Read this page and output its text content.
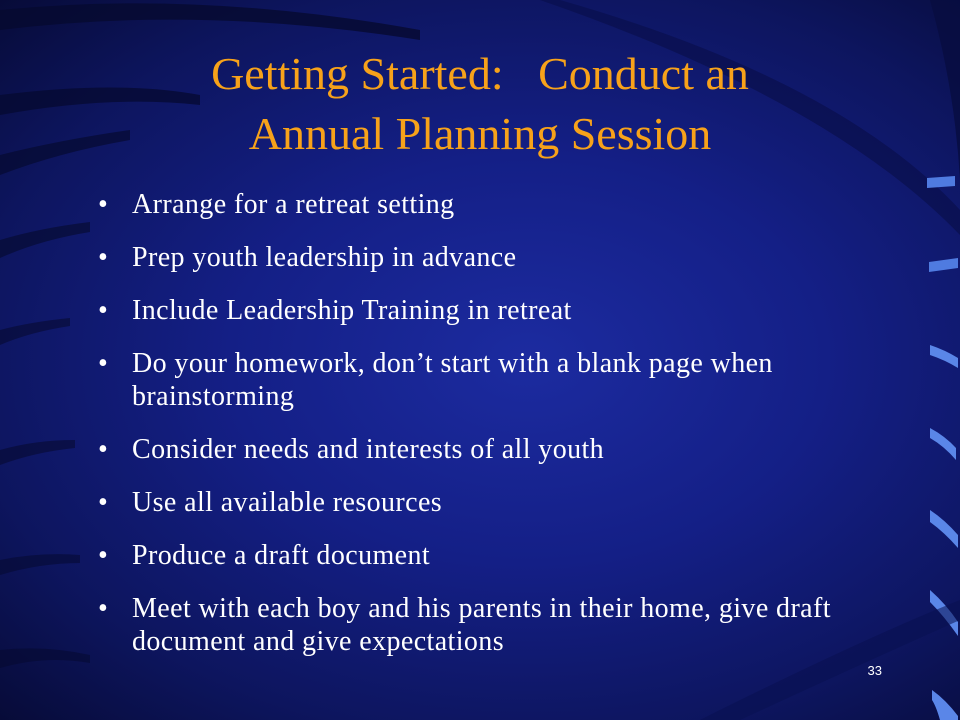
Getting Started:   Conduct an
Annual Planning Session
• Arrange for a retreat setting
• Prep youth leadership in advance
• Include Leadership Training in retreat
• Do your homework, don’t start with a blank page when brainstorming
• Consider needs and interests of all youth
• Use all available resources
• Produce a draft document
• Meet with each boy and his parents in their home, give draft document and give expectations
33
